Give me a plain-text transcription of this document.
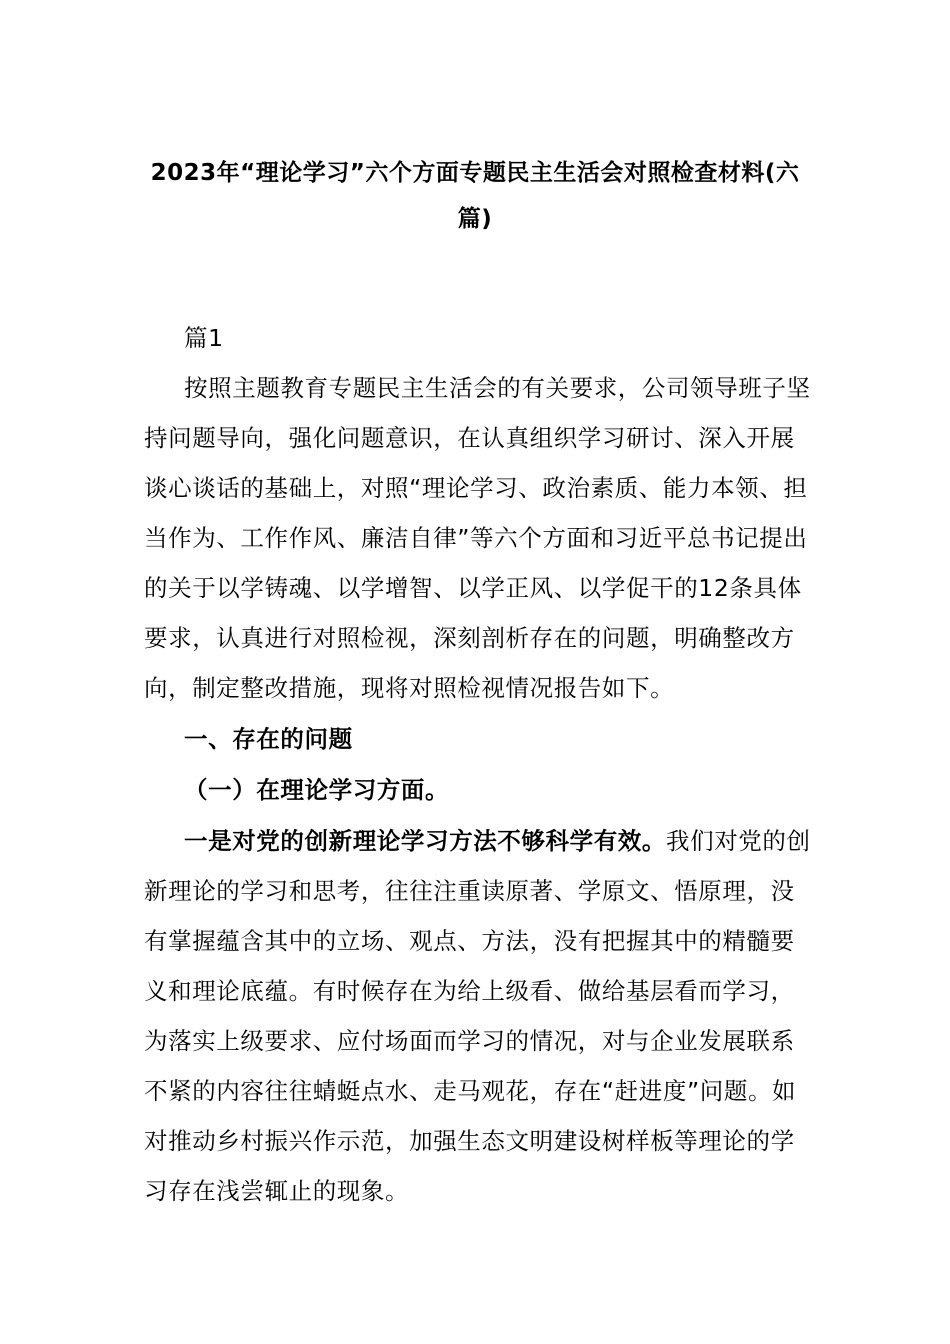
2023年“理论学习”六个方面专题民主生活会对照检查材料(六
篇)
篇1
按照主题教育专题民主生活会的有关要求，公司领导班子坚
持问题导向，强化问题意识，在认真组织学习研讨、深入开展
谈心谈话的基础上，对照“理论学习、政治素质、能力本领、担
当作为、工作作风、廉洁自律”等六个方面和习近平总书记提出
的关于以学铸魂、以学增智、以学正风、以学促干的12条具体
要求，认真进行对照检视，深刻剖析存在的问题，明确整改方
向，制定整改措施，现将对照检视情况报告如下。
一、存在的问题
（一）在理论学习方面。
一是对党的创新理论学习方法不够科学有效。我们对党的创
新理论的学习和思考，往往注重读原著、学原文、悟原理，没
有掌握蕴含其中的立场、观点、方法，没有把握其中的精髓要
义和理论底蕴。有时候存在为给上级看、做给基层看而学习，
为落实上级要求、应付场面而学习的情况，对与企业发展联系
不紧的内容往往蜻蜓点水、走马观花，存在“赶进度”问题。如
对推动乡村振兴作示范，加强生态文明建设树样板等理论的学
习存在浅尝辄止的现象。
